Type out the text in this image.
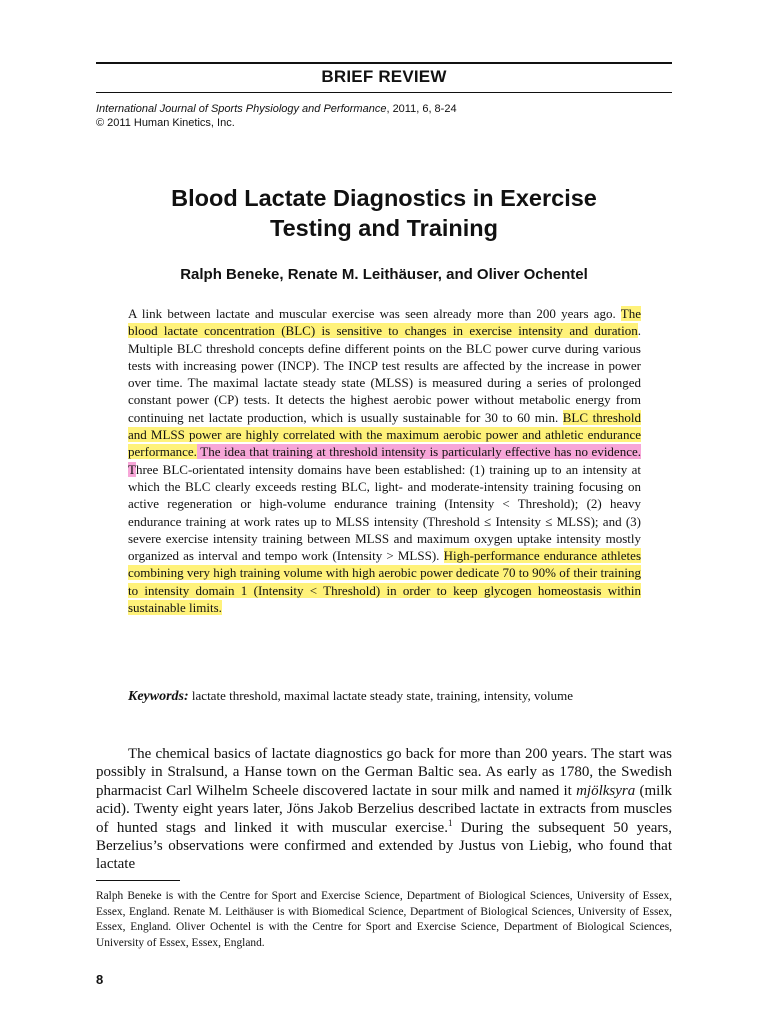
BRIEF REVIEW
International Journal of Sports Physiology and Performance, 2011, 6, 8-24
© 2011 Human Kinetics, Inc.
Blood Lactate Diagnostics in Exercise
Testing and Training
Ralph Beneke, Renate M. Leithäuser, and Oliver Ochentel

A link between lactate and muscular exercise was seen already more than 200 years ago. The blood lactate concentration (BLC) is sensitive to changes in exercise intensity and duration. Multiple BLC threshold concepts define different points on the BLC power curve during various tests with increasing power (INCP). The INCP test results are affected by the increase in power over time. The maximal lactate steady state (MLSS) is measured during a series of prolonged constant power (CP) tests. It detects the highest aerobic power without metabolic energy from continuing net lactate production, which is usually sustainable for 30 to 60 min. BLC threshold and MLSS power are highly correlated with the maximum aerobic power and athletic endurance performance. The idea that training at threshold intensity is particularly effective has no evidence. Three BLC-orientated intensity domains have been established: (1) training up to an intensity at which the BLC clearly exceeds resting BLC, light- and moderate-intensity training focusing on active regeneration or high-volume endurance training (Intensity < Threshold); (2) heavy endurance training at work rates up to MLSS intensity (Threshold ≤ Intensity ≤ MLSS); and (3) severe exercise intensity training between MLSS and maximum oxygen uptake intensity mostly organized as interval and tempo work (Intensity > MLSS). High-performance endurance athletes combining very high training volume with high aerobic power dedicate 70 to 90% of their training to intensity domain 1 (Intensity < Threshold) in order to keep glycogen homeostasis within sustainable limits.

Keywords: lactate threshold, maximal lactate steady state, training, intensity, volume

The chemical basics of lactate diagnostics go back for more than 200 years. The start was possibly in Stralsund, a Hanse town on the German Baltic sea. As early as 1780, the Swedish pharmacist Carl Wilhelm Scheele discovered lactate in sour milk and named it mjölksyra (milk acid). Twenty eight years later, Jöns Jakob Berzelius described lactate in extracts from muscles of hunted stags and linked it with muscular exercise.$^1$ During the subsequent 50 years, Berzelius’s observations were confirmed and extended by Justus von Liebig, who found that lactate

Ralph Beneke is with the Centre for Sport and Exercise Science, Department of Biological Sciences, University of Essex, Essex, England. Renate M. Leithäuser is with Biomedical Science, Department of Biological Sciences, University of Essex, Essex, England. Oliver Ochentel is with the Centre for Sport and Exercise Science, Department of Biological Sciences, University of Essex, Essex, England.

8
